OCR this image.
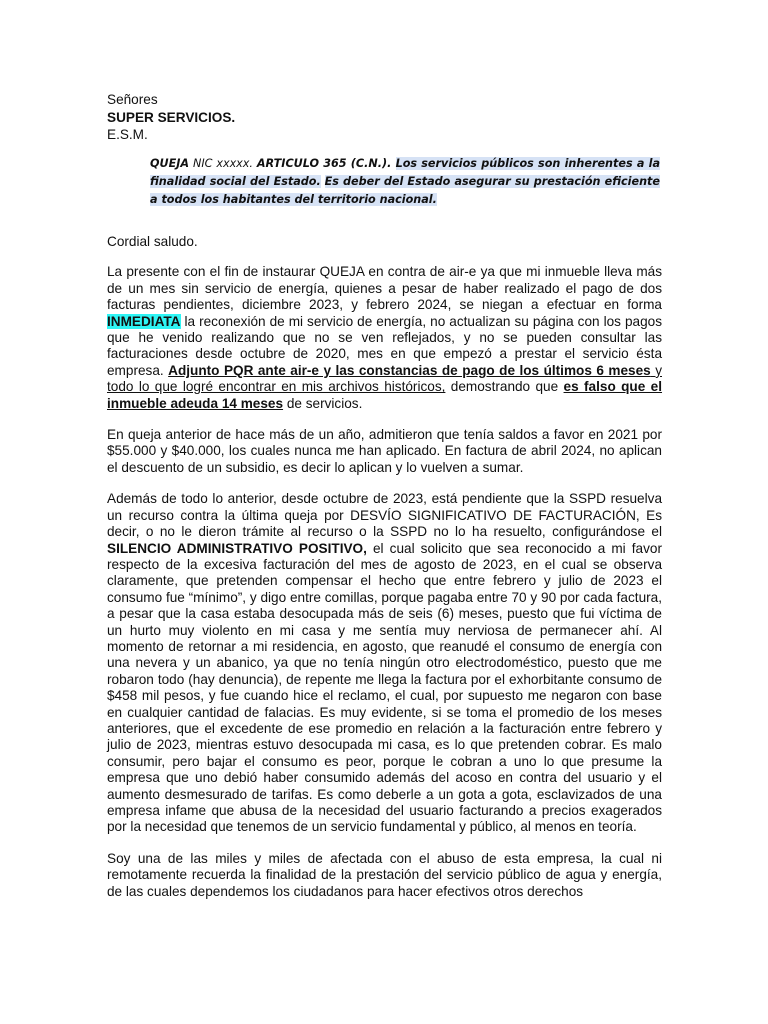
Señores
SUPER SERVICIOS.
E.S.M.
QUEJA NIC xxxxx. ARTICULO 365 (C.N.). Los servicios públicos son inherentes a la finalidad social del Estado. Es deber del Estado asegurar su prestación eficiente a todos los habitantes del territorio nacional.

Cordial saludo.

La presente con el fin de instaurar QUEJA en contra de air-e ya que mi inmueble lleva más de un mes sin servicio de energía, quienes a pesar de haber realizado el pago de dos facturas pendientes, diciembre 2023, y febrero 2024, se niegan a efectuar en forma INMEDIATA la reconexión de mi servicio de energía, no actualizan su página con los pagos que he venido realizando que no se ven reflejados, y no se pueden consultar las facturaciones desde octubre de 2020, mes en que empezó a prestar el servicio ésta empresa. Adjunto PQR ante air-e y las constancias de pago de los últimos 6 meses y todo lo que logré encontrar en mis archivos históricos, demostrando que es falso que el inmueble adeuda 14 meses de servicios.

En queja anterior de hace más de un año, admitieron que tenía saldos a favor en 2021 por $55.000 y $40.000, los cuales nunca me han aplicado. En factura de abril 2024, no aplican el descuento de un subsidio, es decir lo aplican y lo vuelven a sumar.

Además de todo lo anterior, desde octubre de 2023, está pendiente que la SSPD resuelva un recurso contra la última queja por DESVÍO SIGNIFICATIVO DE FACTURACIÓN, Es decir, o no le dieron trámite al recurso o la SSPD no lo ha resuelto, configurándose el SILENCIO ADMINISTRATIVO POSITIVO, el cual solicito que sea reconocido a mi favor respecto de la excesiva facturación del mes de agosto de 2023, en el cual se observa claramente, que pretenden compensar el hecho que entre febrero y julio de 2023 el consumo fue “mínimo”, y digo entre comillas, porque pagaba entre 70 y 90 por cada factura, a pesar que la casa estaba desocupada más de seis (6) meses, puesto que fui víctima de un hurto muy violento en mi casa y me sentía muy nerviosa de permanecer ahí. Al momento de retornar a mi residencia, en agosto, que reanudé el consumo de energía con una nevera y un abanico, ya que no tenía ningún otro electrodoméstico, puesto que me robaron todo (hay denuncia), de repente me llega la factura por el exhorbitante consumo de $458 mil pesos, y fue cuando hice el reclamo, el cual, por supuesto me negaron con base en cualquier cantidad de falacias. Es muy evidente, si se toma el promedio de los meses anteriores, que el excedente de ese promedio en relación a la facturación entre febrero y julio de 2023, mientras estuvo desocupada mi casa, es lo que pretenden cobrar. Es malo consumir, pero bajar el consumo es peor, porque le cobran a uno lo que presume la empresa que uno debió haber consumido además del acoso en contra del usuario y el aumento desmesurado de tarifas. Es como deberle a un gota a gota, esclavizados de una empresa infame que abusa de la necesidad del usuario facturando a precios exagerados por la necesidad que tenemos de un servicio fundamental y público, al menos en teoría.

Soy una de las miles y miles de afectada con el abuso de esta empresa, la cual ni remotamente recuerda la finalidad de la prestación del servicio público de agua y energía, de las cuales dependemos los ciudadanos para hacer efectivos otros derechos
